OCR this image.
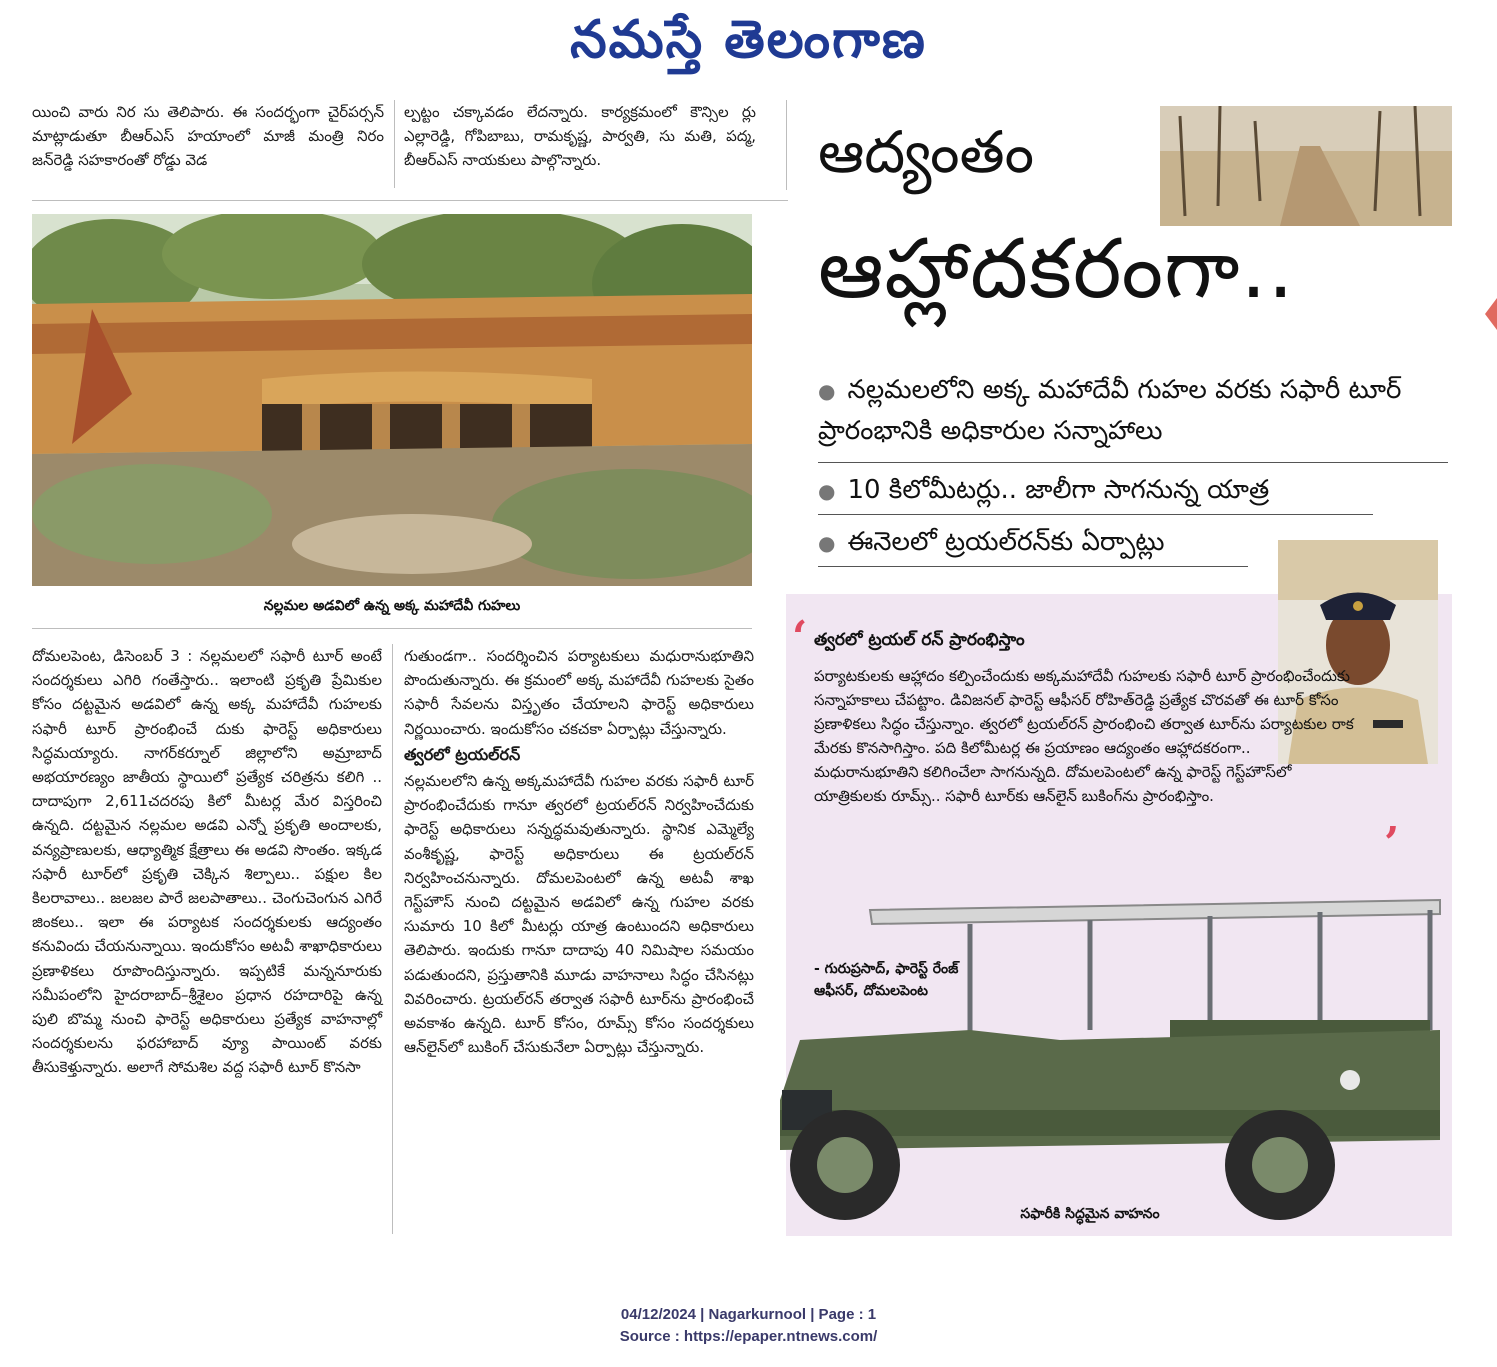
నమస్తే తెలంగాణ

యించి వారు నిర సు తెలిపారు. ఈ సందర్భంగా చైర్‌పర్సన్ మాట్లాడుతూ బీఆర్ఎస్ హయాంలో మాజీ మంత్రి నిరం జన్‌రెడ్డి సహకారంతో రోడ్డు వెడ

ల్పట్టం చక్కావడం లేదన్నారు. కార్యక్రమంలో కౌన్సిల ర్లు ఎల్లారెడ్డి, గోపిబాబు, రామకృష్ణ, పార్వతి, సు మతి, పద్మ, బీఆర్ఎస్ నాయకులు పాల్గొన్నారు.

నల్లమల అడవిలో ఉన్న అక్క మహాదేవీ గుహలు
ఆద్యంతం
ఆహ్లాదకరంగా..
● నల్లమలలోని అక్క మహాదేవీ గుహల వరకు సఫారీ టూర్ ప్రారంభానికి అధికారుల సన్నాహాలు
● 10 కిలోమీటర్లు.. జాలీగా సాగనున్న యాత్ర
● ఈనెలలో ట్రయల్‌రన్‌కు ఏర్పాట్లు

దోమలపెంట, డిసెంబర్ 3 : నల్లమలలో సఫారీ టూర్ అంటే సందర్శకులు ఎగిరి గంతేస్తారు.. ఇలాంటి ప్రకృతి ప్రేమికుల కోసం దట్టమైన అడవిలో ఉన్న అక్క మహాదేవీ గుహలకు సఫారీ టూర్ ప్రారంభించే దుకు ఫారెస్ట్ అధికారులు సిద్ధమయ్యారు. నాగర్‌కర్నూల్ జిల్లాలోని అమ్రాబాద్ అభయారణ్యం జాతీయ స్థాయిలో ప్రత్యేక చరిత్రను కలిగి .. దాదాపుగా 2,611చదరపు కిలో మీటర్ల మేర విస్తరించి ఉన్నది. దట్టమైన నల్లమల అడవి ఎన్నో ప్రకృతి అందాలకు, వన్యప్రాణులకు, ఆధ్యాత్మిక క్షేత్రాలు ఈ అడవి సొంతం. ఇక్కడ సఫారీ టూర్‌లో ప్రకృతి చెక్కిన శిల్పాలు.. పక్షుల కిల కిలరావాలు.. జలజల పారే జలపాతాలు.. చెంగుచెంగున ఎగిరే జింకలు.. ఇలా ఈ పర్యాటక సందర్శకులకు ఆద్యంతం కనువిందు చేయనున్నాయి. ఇందుకోసం అటవీ శాఖాధికారులు ప్రణాళికలు రూపొందిస్తున్నారు. ఇప్పటికే మన్ననూరుకు సమీపంలోని హైదరాబాద్–శ్రీశైలం ప్రధాన రహదారిపై ఉన్న పులి బొమ్మ నుంచి ఫారెస్ట్ అధికారులు ప్రత్యేక వాహనాల్లో సందర్శకులను ఫరహాబాద్ వ్యూ పాయింట్ వరకు తీసుకెళ్తున్నారు. అలాగే సోమశిల వద్ద సఫారీ టూర్ కొనసా

గుతుండగా.. సందర్శించిన పర్యాటకులు మధురానుభూతిని పొందుతున్నారు. ఈ క్రమంలో అక్క మహాదేవీ గుహలకు సైతం సఫారీ సేవలను విస్తృతం చేయాలని ఫారెస్ట్ అధికారులు నిర్ణయించారు. ఇందుకోసం చకచకా ఏర్పాట్లు చేస్తున్నారు.

త్వరలో ట్రయల్‌రన్

నల్లమలలోని ఉన్న అక్కమహాదేవీ గుహల వరకు సఫారీ టూర్ ప్రారంభించేదుకు గానూ త్వరలో ట్రయల్‌రన్ నిర్వహించేదుకు ఫారెస్ట్ అధికారులు సన్నద్ధమవుతున్నారు. స్థానిక ఎమ్మెల్యే వంశీకృష్ణ, ఫారెస్ట్ అధికారులు ఈ ట్రయల్‌రన్ నిర్వహించనున్నారు. దోమలపెంటలో ఉన్న అటవీ శాఖ గెస్ట్‌హౌస్ నుంచి దట్టమైన అడవిలో ఉన్న గుహల వరకు సుమారు 10 కిలో మీటర్లు యాత్ర ఉంటుందని అధికారులు తెలిపారు. ఇందుకు గానూ దాదాపు 40 నిమిషాల సమయం పడుతుందని, ప్రస్తుతానికి మూడు వాహనాలు సిద్ధం చేసినట్లు వివరించారు. ట్రయల్‌రన్ తర్వాత సఫారీ టూర్‌ను ప్రారంభించే అవకాశం ఉన్నది. టూర్ కోసం, రూమ్స్ కోసం సందర్శకులు ఆన్‌లైన్‌లో బుకింగ్ చేసుకునేలా ఏర్పాట్లు చేస్తున్నారు.

‘ త్వరలో ట్రయల్ రన్ ప్రారంభిస్తాం
పర్యాటకులకు ఆహ్లాదం కల్పించేందుకు అక్కమహాదేవీ గుహలకు సఫారీ టూర్ ప్రారంభించేందుకు సన్నాహకాలు చేపట్టాం. డివిజనల్ ఫారెస్ట్ ఆఫీసర్ రోహిత్‌రెడ్డి ప్రత్యేక చొరవతో ఈ టూర్ కోసం ప్రణాళికలు సిద్ధం చేస్తున్నాం. త్వరలో ట్రయల్‌రన్ ప్రారంభించి తర్వాత టూర్‌ను పర్యాటకుల రాక మేరకు కొనసాగిస్తాం. పది కిలోమీటర్ల ఈ ప్రయాణం ఆద్యంతం ఆహ్లాదకరంగా.. మధురానుభూతిని కలిగించేలా సాగనున్నది. దోమలపెంటలో ఉన్న ఫారెస్ట్ గెస్ట్‌హౌస్‌లో యాత్రికులకు రూమ్స్.. సఫారీ టూర్‌కు ఆన్‌లైన్ బుకింగ్‌ను ప్రారంభిస్తాం.
’
- గురుప్రసాద్, ఫారెస్ట్ రేంజ్
ఆఫీసర్, దోమలపెంట
సఫారీకి సిద్ధమైన వాహనం
04/12/2024 | Nagarkurnool | Page : 1
Source : https://epaper.ntnews.com/
